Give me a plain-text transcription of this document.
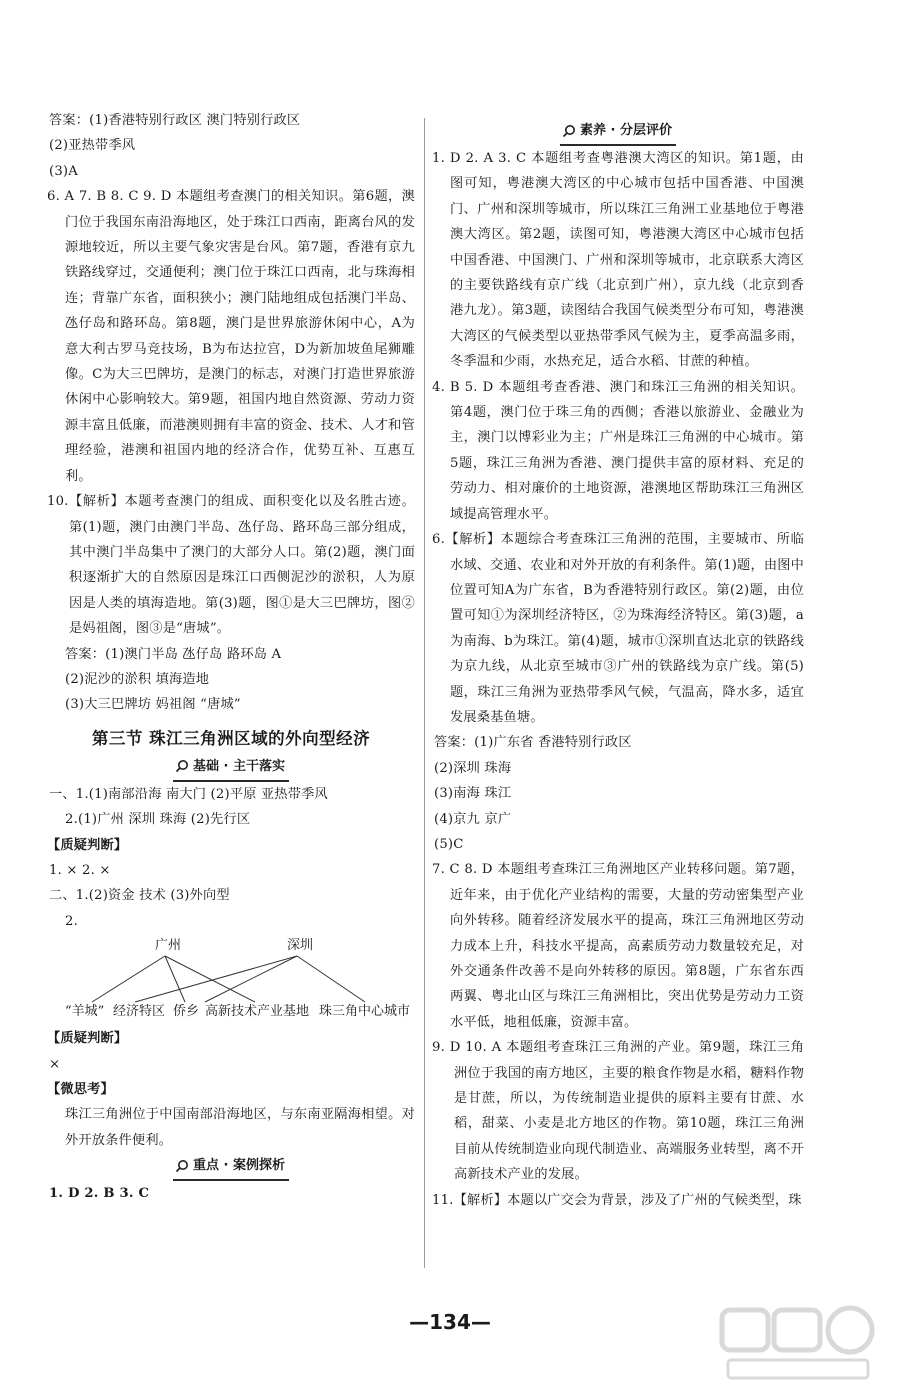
答案：(1)香港特别行政区 澳门特别行政区

(2)亚热带季风

(3)A

6. A 7. B 8. C 9. D 本题组考查澳门的相关知识。第6题，澳门位于我国东南沿海地区，处于珠江口西南，距离台风的发源地较近，所以主要气象灾害是台风。第7题，香港有京九铁路线穿过，交通便利；澳门位于珠江口西南，北与珠海相连；背靠广东省，面积狭小；澳门陆地组成包括澳门半岛、氹仔岛和路环岛。第8题，澳门是世界旅游休闲中心，A为意大利古罗马竞技场，B为布达拉宫，D为新加坡鱼尾狮雕像。C为大三巴牌坊，是澳门的标志，对澳门打造世界旅游休闲中心影响较大。第9题，祖国内地自然资源、劳动力资源丰富且低廉，而港澳则拥有丰富的资金、技术、人才和管理经验，港澳和祖国内地的经济合作，优势互补、互惠互利。

10.【解析】本题考查澳门的组成、面积变化以及名胜古迹。第(1)题，澳门由澳门半岛、氹仔岛、路环岛三部分组成，其中澳门半岛集中了澳门的大部分人口。第(2)题，澳门面积逐渐扩大的自然原因是珠江口西侧泥沙的淤积，人为原因是人类的填海造地。第(3)题，图①是大三巴牌坊，图②是妈祖阁，图③是“唐城”。

答案：(1)澳门半岛 氹仔岛 路环岛 A

(2)泥沙的淤积 填海造地

(3)大三巴牌坊 妈祖阁 “唐城”

第三节 珠江三角洲区域的外向型经济
基础 · 主干落实

一、1.(1)南部沿海 南大门 (2)平原 亚热带季风

2.(1)广州 深圳 珠海 (2)先行区

【质疑判断】

1. × 2. ×

二、1.(2)资金 技术 (3)外向型

2.

广州	深圳
“羊城” 经济特区 侨乡 高新技术产业基地 珠三角中心城市

【质疑判断】

×

【微思考】

珠江三角洲位于中国南部沿海地区，与东南亚隔海相望。对外开放条件便利。

重点 · 案例探析

1. D 2. B 3. C

素养 · 分层评价

1. D 2. A 3. C 本题组考查粤港澳大湾区的知识。第1题，由图可知，粤港澳大湾区的中心城市包括中国香港、中国澳门、广州和深圳等城市，所以珠江三角洲工业基地位于粤港澳大湾区。第2题，读图可知，粤港澳大湾区中心城市包括中国香港、中国澳门、广州和深圳等城市，北京联系大湾区的主要铁路线有京广线（北京到广州），京九线（北京到香港九龙）。第3题，读图结合我国气候类型分布可知，粤港澳大湾区的气候类型以亚热带季风气候为主，夏季高温多雨，冬季温和少雨，水热充足，适合水稻、甘蔗的种植。

4. B 5. D 本题组考查香港、澳门和珠江三角洲的相关知识。第4题，澳门位于珠三角的西侧；香港以旅游业、金融业为主，澳门以博彩业为主；广州是珠江三角洲的中心城市。第5题，珠江三角洲为香港、澳门提供丰富的原材料、充足的劳动力、相对廉价的土地资源，港澳地区帮助珠江三角洲区域提高管理水平。

6.【解析】本题综合考查珠江三角洲的范围，主要城市、所临水域、交通、农业和对外开放的有利条件。第(1)题，由图中位置可知A为广东省，B为香港特别行政区。第(2)题，由位置可知①为深圳经济特区，②为珠海经济特区。第(3)题，a为南海、b为珠江。第(4)题，城市①深圳直达北京的铁路线为京九线，从北京至城市③广州的铁路线为京广线。第(5)题，珠江三角洲为亚热带季风气候，气温高，降水多，适宜发展桑基鱼塘。

答案：(1)广东省 香港特别行政区

(2)深圳 珠海

(3)南海 珠江

(4)京九 京广

(5)C

7. C 8. D 本题组考查珠江三角洲地区产业转移问题。第7题，近年来，由于优化产业结构的需要，大量的劳动密集型产业向外转移。随着经济发展水平的提高，珠江三角洲地区劳动力成本上升，科技水平提高，高素质劳动力数量较充足，对外交通条件改善不是向外转移的原因。第8题，广东省东西两翼、粤北山区与珠江三角洲相比，突出优势是劳动力工资水平低，地租低廉，资源丰富。

9. D 10. A 本题组考查珠江三角洲的产业。第9题，珠江三角洲位于我国的南方地区，主要的粮食作物是水稻，糖料作物是甘蔗，所以，为传统制造业提供的原料主要有甘蔗、水稻，甜菜、小麦是北方地区的作物。第10题，珠江三角洲目前从传统制造业向现代制造业、高端服务业转型，离不开高新技术产业的发展。

11.【解析】本题以广交会为背景，涉及了广州的气候类型，珠

—134—
